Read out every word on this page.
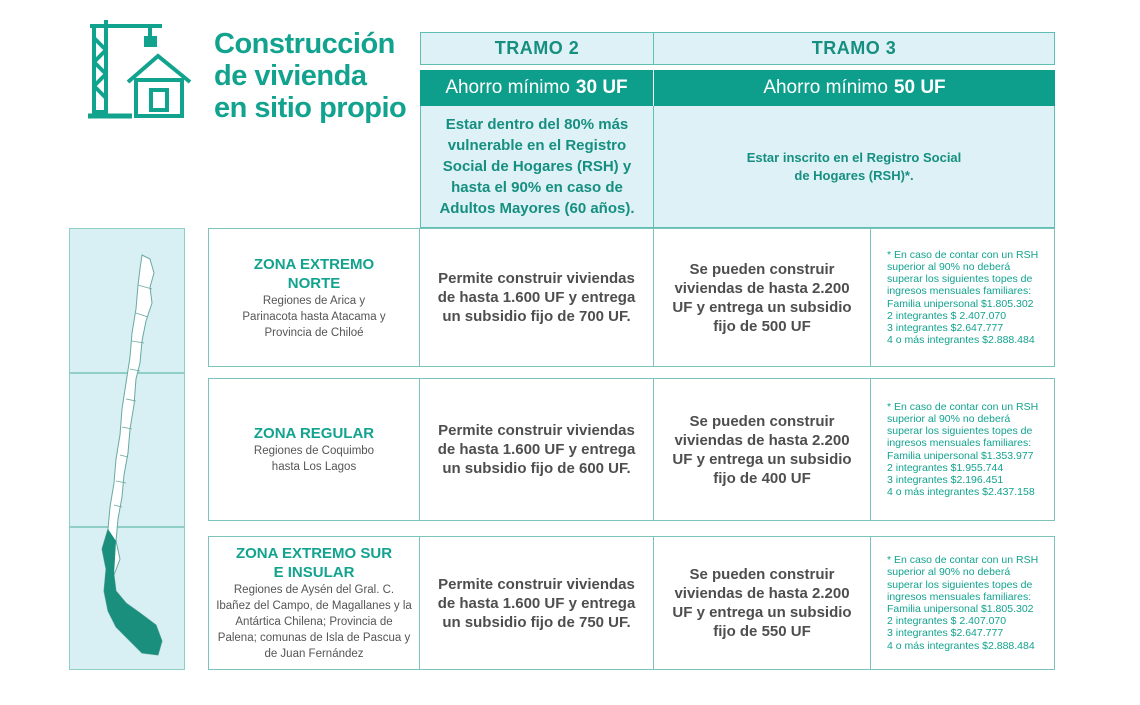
Construcción
de vivienda
en sitio propio
TRAMO 2	TRAMO 3
Ahorro mínimo 30 UF	Ahorro mínimo 50 UF
Estar dentro del 80% más vulnerable en el Registro Social de Hogares (RSH) y hasta el 90% en caso de Adultos Mayores (60 años).
Estar inscrito en el Registro Social de Hogares (RSH)*.
ZONA EXTREMO NORTE
Regiones de Arica y Parinacota hasta Atacama y Provincia de Chiloé
Permite construir viviendas de hasta 1.600 UF y entrega un subsidio fijo de 700 UF.
Se pueden construir viviendas de hasta 2.200 UF y entrega un subsidio fijo de 500 UF
* En caso de contar con un RSH
superior al 90% no deberá
superar los siguientes topes de
ingresos mensuales familiares:
Familia unipersonal $1.805.302
2 integrantes $ 2.407.070
3 integrantes $2.647.777
4 o más integrantes $2.888.484
ZONA REGULAR
Regiones de Coquimbo hasta Los Lagos
Permite construir viviendas de hasta 1.600 UF y entrega un subsidio fijo de 600 UF.
Se pueden construir viviendas de hasta 2.200 UF y entrega un subsidio fijo de 400 UF
* En caso de contar con un RSH
superior al 90% no deberá
superar los siguientes topes de
ingresos mensuales familiares:
Familia unipersonal $1.353.977
2 integrantes $1.955.744
3 integrantes $2.196.451
4 o más integrantes $2.437.158
ZONA EXTREMO SUR E INSULAR
Regiones de Aysén del Gral. C. Ibañez del Campo, de Magallanes y la Antártica Chilena; Provincia de Palena; comunas de Isla de Pascua y de Juan Fernández
Permite construir viviendas de hasta 1.600 UF y entrega un subsidio fijo de 750 UF.
Se pueden construir viviendas de hasta 2.200 UF y entrega un subsidio fijo de 550 UF
* En caso de contar con un RSH
superior al 90% no deberá
superar los siguientes topes de
ingresos mensuales familiares:
Familia unipersonal $1.805.302
2 integrantes $ 2.407.070
3 integrantes $2.647.777
4 o más integrantes $2.888.484
